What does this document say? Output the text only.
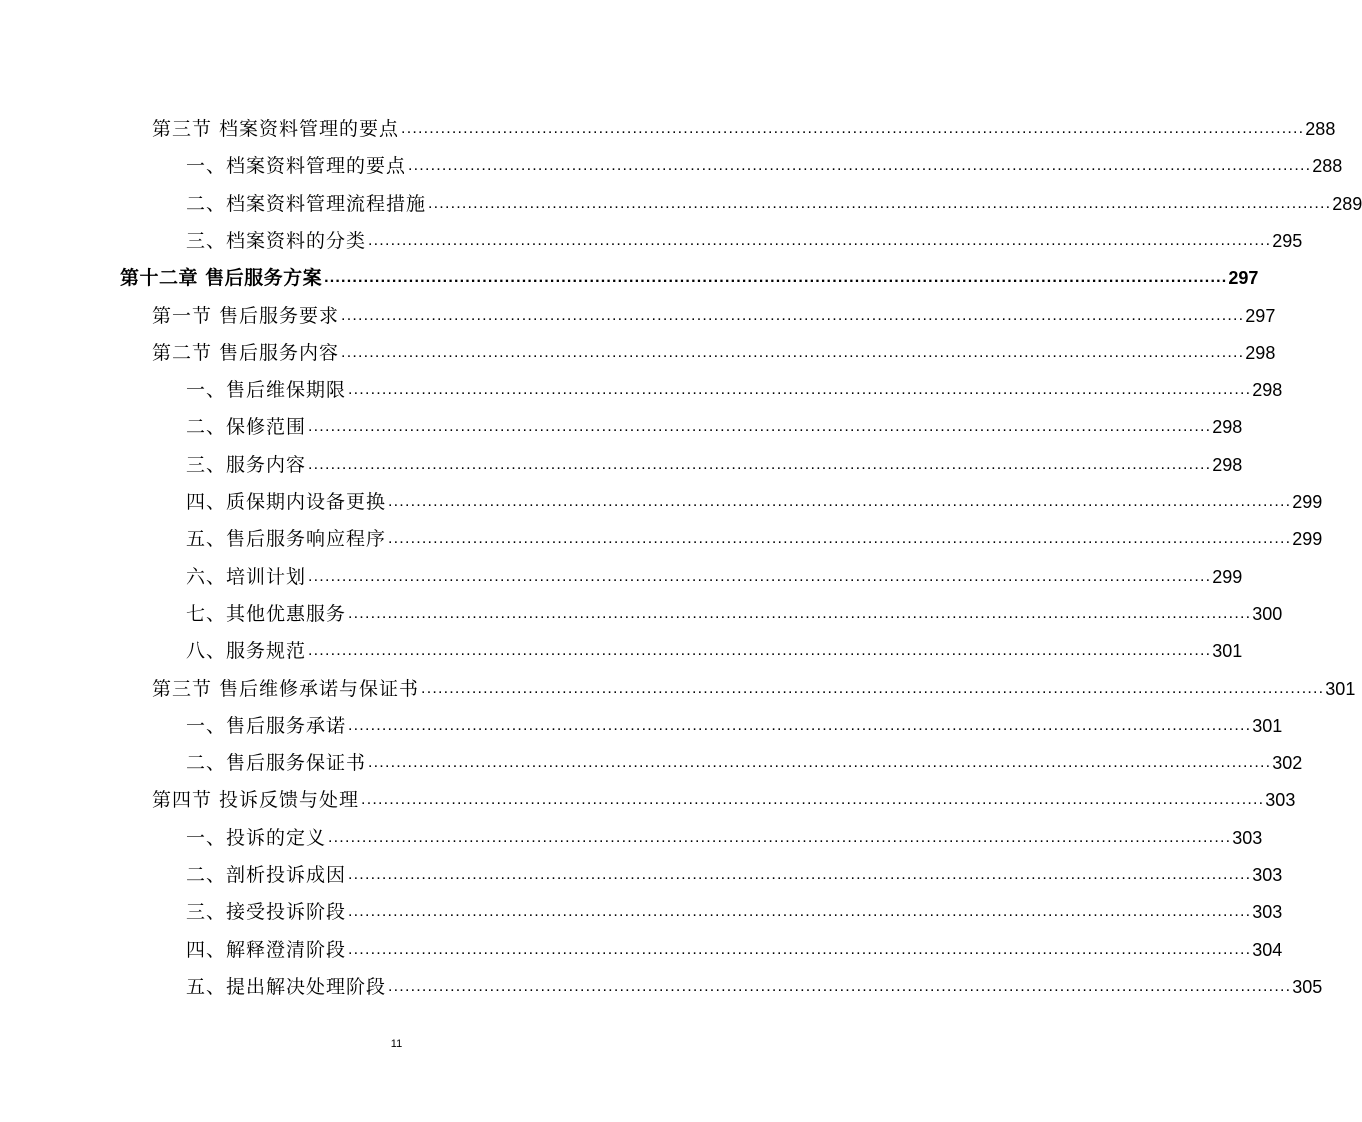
第三节 档案资料管理的要点 ................................................................................................................................................................ 288
一、档案资料管理的要点 ................................................................................................................................................................ 288
二、档案资料管理流程措施 ................................................................................................................................................................ 289
三、档案资料的分类 ................................................................................................................................................................ 295
第十二章 售后服务方案 ................................................................................................................................................................ 297
第一节 售后服务要求 ................................................................................................................................................................ 297
第二节 售后服务内容 ................................................................................................................................................................ 298
一、售后维保期限 ................................................................................................................................................................ 298
二、保修范围 ................................................................................................................................................................ 298
三、服务内容 ................................................................................................................................................................ 298
四、质保期内设备更换 ................................................................................................................................................................ 299
五、售后服务响应程序 ................................................................................................................................................................ 299
六、培训计划 ................................................................................................................................................................ 299
七、其他优惠服务 ................................................................................................................................................................ 300
八、服务规范 ................................................................................................................................................................ 301
第三节 售后维修承诺与保证书 ................................................................................................................................................................ 301
一、售后服务承诺 ................................................................................................................................................................ 301
二、售后服务保证书 ................................................................................................................................................................ 302
第四节 投诉反馈与处理 ................................................................................................................................................................ 303
一、投诉的定义 ................................................................................................................................................................ 303
二、剖析投诉成因 ................................................................................................................................................................ 303
三、接受投诉阶段 ................................................................................................................................................................ 303
四、解释澄清阶段 ................................................................................................................................................................ 304
五、提出解决处理阶段 ................................................................................................................................................................ 305
11
